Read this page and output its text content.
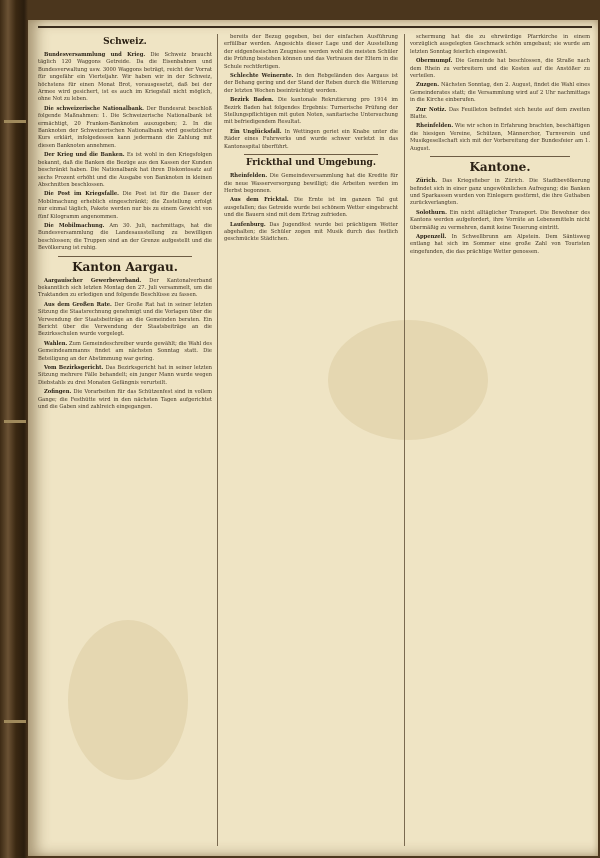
Schweiz.

Bundesversammlung und Krieg. Die Schweiz braucht täglich 120 Waggons Getreide. Da die Eisenbahnen und Bundesverwaltung usw. 3000 Waggons beträgt, reicht der Vorrat für ungefähr ein Vierteljahr. Wir haben wir in der Schweiz, höchstens für einen Monat Brot, vorausgesetzt, daß bei der Armee wird gesichert, ist es auch im Kriegsfall nicht möglich, ohne Not zu leben.

Die schweizerische Nationalbank. Der Bundesrat beschloß folgende Maßnahmen: 1. Die Schweizerische Nationalbank ist ermächtigt, 20 Franken-Banknoten auszugeben; 2. In die Banknoten der Schweizerischen Nationalbank wird gesetzlicher Kurs erklärt, infolgedessen kann jedermann die Zahlung mit diesen Banknoten annehmen.

Der Krieg und die Banken. Es ist wohl in den Kriegsfolgen bekannt, daß die Banken die Bezüge aus den Kassen der Kunden beschränkt haben. Die Nationalbank hat ihren Diskontosatz auf sechs Prozent erhöht und die Ausgabe von Banknoten in kleinen Abschnitten beschlossen.

Die Post im Kriegsfalle. Die Post ist für die Dauer der Mobilmachung erheblich eingeschränkt; die Zustellung erfolgt nur einmal täglich, Pakete werden nur bis zu einem Gewicht von fünf Kilogramm angenommen.

Die Mobilmachung. Am 30. Juli, nachmittags, hat die Bundesversammlung die Landesausstellung zu bewilligen beschlossen; die Truppen sind an der Grenze aufgestellt und die Bevölkerung ist ruhig.

Kanton Aargau.

Aargauischer Gewerbeverband. Der Kantonalverband bekanntlich sich letzten Montag den 27. Juli versammelt, um die Traktanden zu erledigen und folgende Beschlüsse zu fassen.

Aus dem Großen Rate. Der Große Rat hat in seiner letzten Sitzung die Staatsrechnung genehmigt und die Vorlagen über die Verwendung der Staatsbeiträge an die Gemeinden beraten. Ein Bericht über die Verwendung der Staatsbeiträge an die Bezirksschulen wurde vorgelegt.

Wahlen. Zum Gemeindeschreiber wurde gewählt; die Wahl des Gemeindeammanns findet am nächsten Sonntag statt. Die Beteiligung an der Abstimmung war gering.

Vom Bezirksgericht. Das Bezirksgericht hat in seiner letzten Sitzung mehrere Fälle behandelt; ein junger Mann wurde wegen Diebstahls zu drei Monaten Gefängnis verurteilt.

Zofingen. Die Vorarbeiten für das Schützenfest sind in vollem Gange; die Festhütte wird in den nächsten Tagen aufgerichtet und die Gaben sind zahlreich eingegangen.

bereits der Bezug gegeben, bei der einfachen Ausführung erfüllbar werden. Angesichts dieser Lage und der Ausstellung der eidgenössischen Zeugnisse werden wohl die meisten Schüler die Prüfung bestehen können und das Vertrauen der Eltern in die Schule rechtfertigen.

Schlechte Weinernte. In den Rebgeländen des Aargaus ist der Behang gering und der Stand der Reben durch die Witterung der letzten Wochen beeinträchtigt worden.

Bezirk Baden. Die kantonale Rekrutierung pro 1914 im Bezirk Baden hat folgendes Ergebnis: Turnerische Prüfung der Stellungspflichtigen mit guten Noten, sanitarische Untersuchung mit befriedigendem Resultat.

Ein Unglücksfall. In Wettingen geriet ein Knabe unter die Räder eines Fuhrwerks und wurde schwer verletzt in das Kantonsspital überführt.

Frickthal und Umgebung.

Rheinfelden. Die Gemeindeversammlung hat die Kredite für die neue Wasserversorgung bewilligt; die Arbeiten werden im Herbst begonnen.

Aus dem Fricktal. Die Ernte ist im ganzen Tal gut ausgefallen; das Getreide wurde bei schönem Wetter eingebracht und die Bauern sind mit dem Ertrag zufrieden.

Laufenburg. Das Jugendfest wurde bei prächtigem Wetter abgehalten; die Schüler zogen mit Musik durch das festlich geschmückte Städtchen.

schermung hat die zu ehrwürdige Pfarrkirche in einem vorzüglich ausgelegten Geschmack schön umgebaut; sie wurde am letzten Sonntag feierlich eingeweiht.

Obermumpf. Die Gemeinde hat beschlossen, die Straße nach dem Rhein zu verbreitern und die Kosten auf die Anstößer zu verteilen.

Zuzgen. Nächsten Sonntag, den 2. August, findet die Wahl eines Gemeinderates statt; die Versammlung wird auf 2 Uhr nachmittags in die Kirche einberufen.

Zur Notiz. Das Feuilleton befindet sich heute auf dem zweiten Blatte.

Rheinfelden. Wie wir schon in Erfahrung brachten, beschäftigen die hiesigen Vereine, Schützen, Männerchor, Turnverein und Musikgesellschaft sich mit der Vorbereitung der Bundesfeier am 1. August.

Kantone.

Zürich. Das Kriegsfieber in Zürich. Die Stadtbevölkerung befindet sich in einer ganz ungewöhnlichen Aufregung; die Banken und Sparkassen wurden von Einlegern gestürmt, die ihre Guthaben zurückverlangten.

Solothurn. Ein nicht alltäglicher Transport. Die Bewohner des Kantons werden aufgefordert, ihre Vorräte an Lebensmitteln nicht übermäßig zu vermehren, damit keine Teuerung eintritt.

Appenzell. In Schwellbrunn am Alpstein. Dem Säntisweg entlang hat sich im Sommer eine große Zahl von Touristen eingefunden, die das prächtige Wetter genossen.
